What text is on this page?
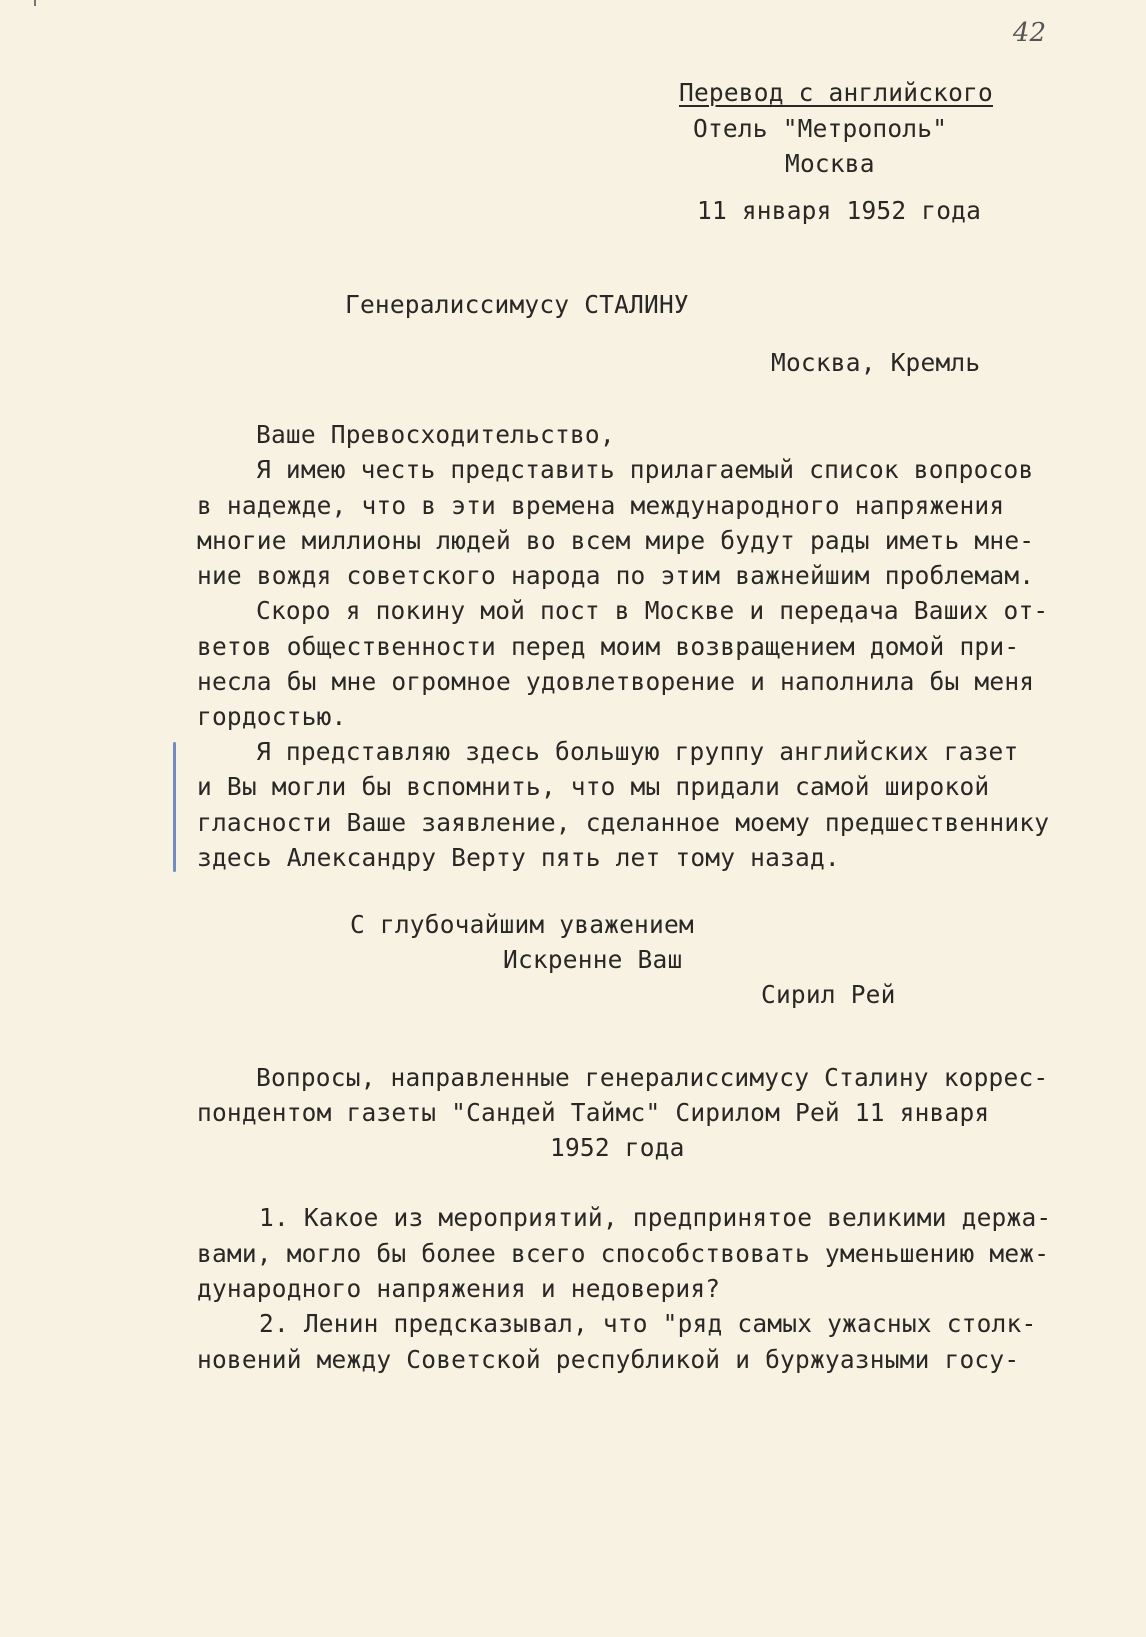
42
Перевод с английского
Отель "Метрополь"
Москва
11 января 1952 года
Генералиссимусу СТАЛИНУ
Москва, Кремль
Ваше Превосходительство,
Я имею честь представить прилагаемый список вопросов
в надежде, что в эти времена международного напряжения
многие миллионы людей во всем мире будут рады иметь мне-
ние вождя советского народа по этим важнейшим проблемам.
Скоро я покину мой пост в Москве и передача Ваших от-
ветов общественности перед моим возвращением домой при-
несла бы мне огромное удовлетворение и наполнила бы меня
гордостью.
Я представляю здесь большую группу английских газет
и Вы могли бы вспомнить, что мы придали самой широкой
гласности Ваше заявление, сделанное моему предшественнику
здесь Александру Верту пять лет тому назад.
С глубочайшим уважением
Искренне Ваш
Сирил Рей
Вопросы, направленные генералиссимусу Сталину коррес-
пондентом газеты "Сандей Таймс" Сирилом Рей 11 января
1952 года
1. Какое из мероприятий, предпринятое великими держа-
вами, могло бы более всего способствовать уменьшению меж-
дународного напряжения и недоверия?
2. Ленин предсказывал, что "ряд самых ужасных столк-
новений между Советской республикой и буржуазными госу-
